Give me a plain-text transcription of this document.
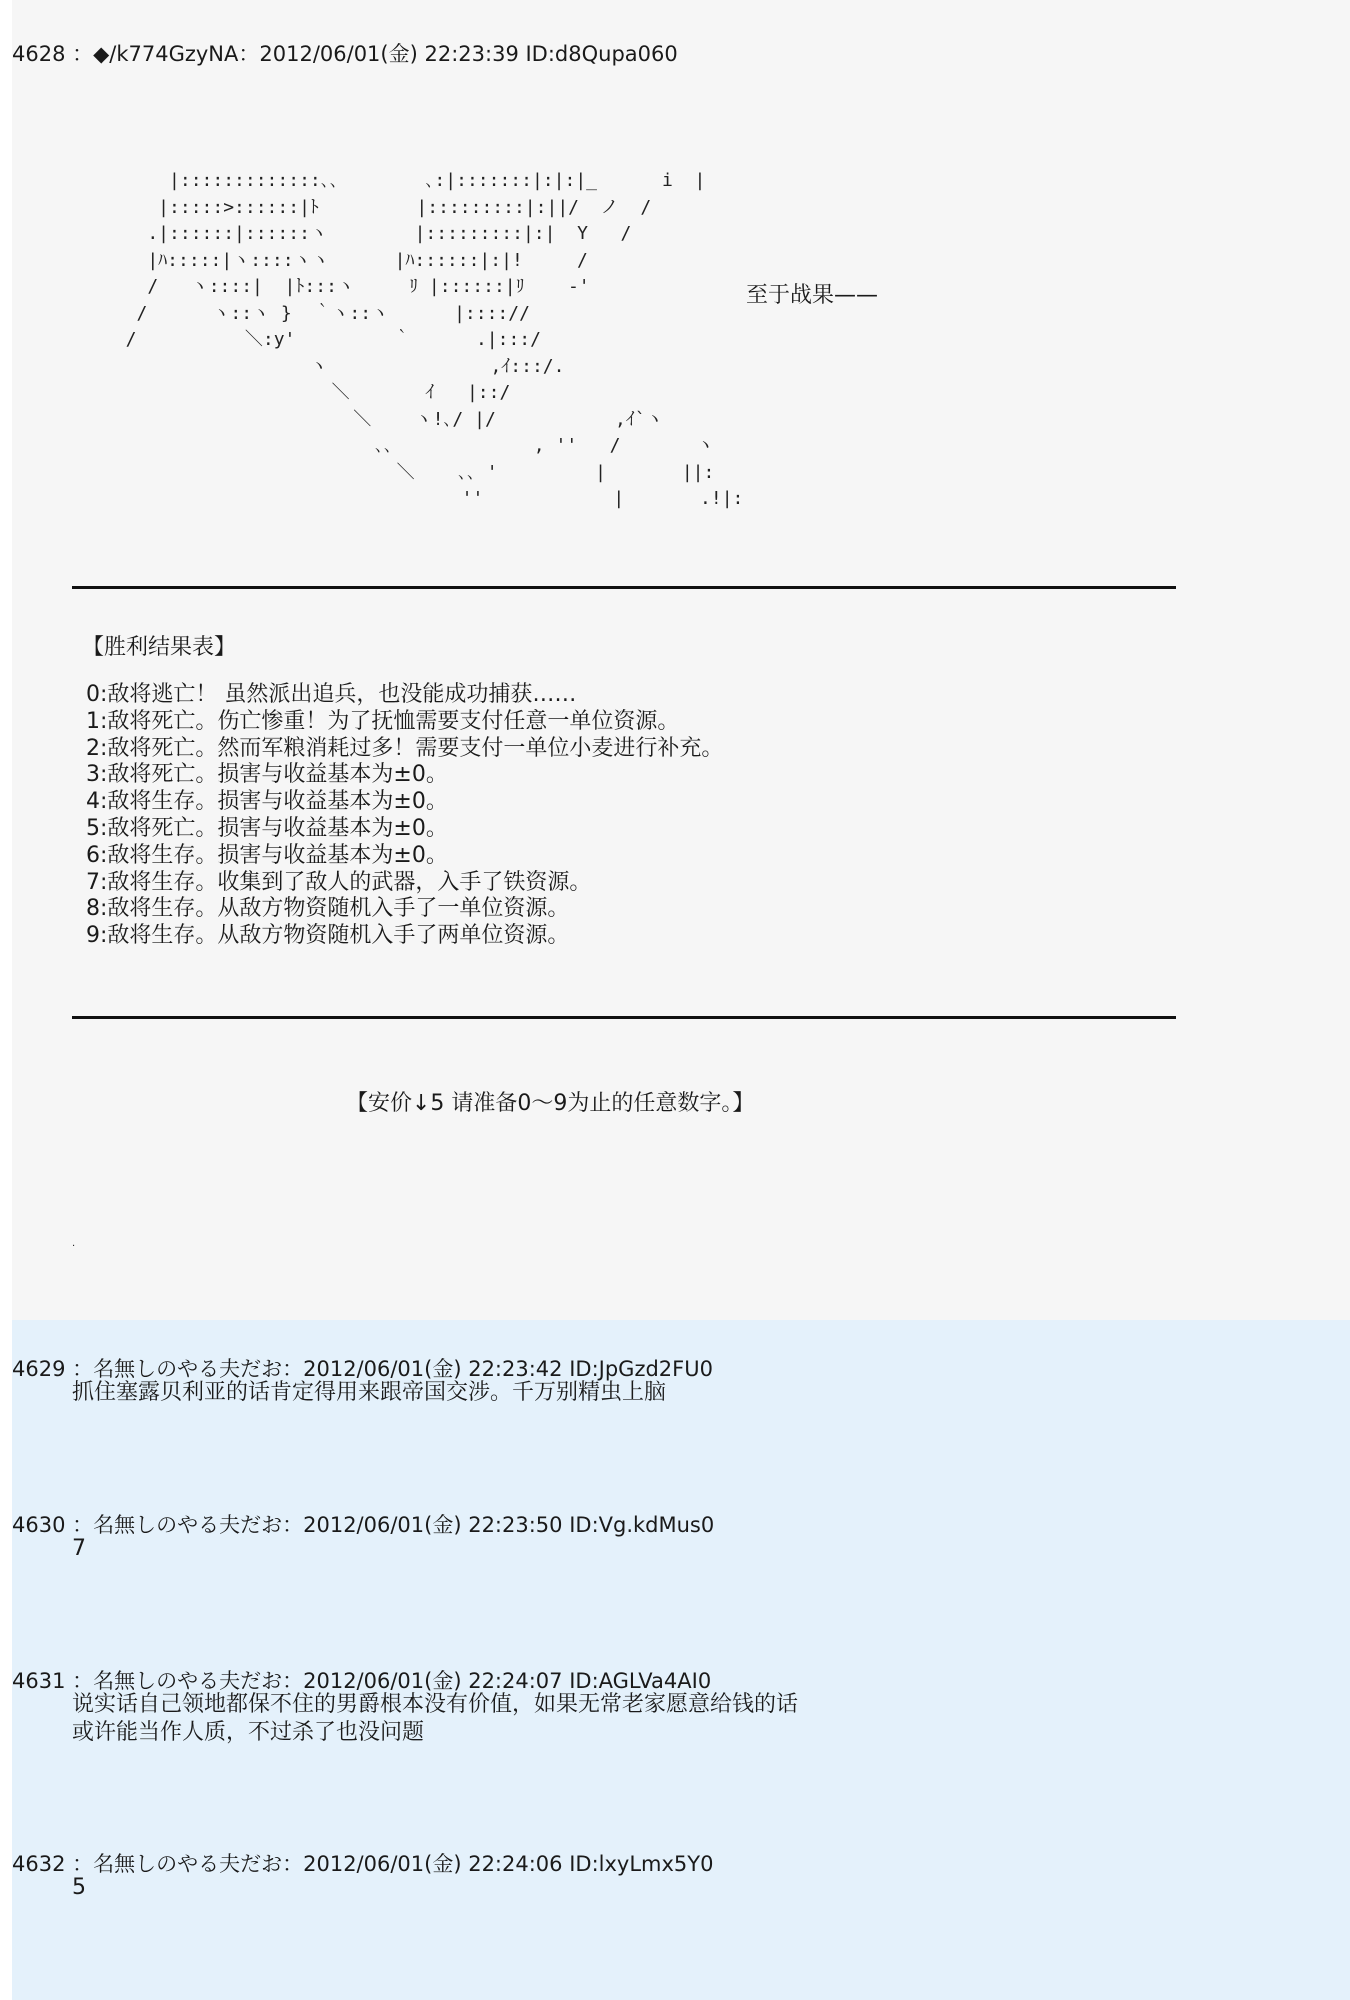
4628 ：◆/k774GzyNA：2012/06/01(金) 22:23:39 ID:d8Qupa060
|:::::::::::::､､        ､:|:::::::|:|:|_      i  |
|:::::>::::::|ﾄ         |:::::::::|:||/  ノ  /
.|::::::|::::::ヽ        |:::::::::|:|  Y   /
|ﾊ:::::|ヽ::::ヽヽ      |ﾊ::::::|:|!     /
/   ヽ::::|  |ﾄ:::ヽ     ﾘ |::::::|ﾘ    ‐'
/      ヽ::ヽ }  ｀ヽ::ヽ      |:::://
/          ＼:y'         ｀      .|:::/
ヽ               ,ｲ:::/.
＼       ｲ   |::/
＼    ヽ!､/ |/           ,ｲ`ヽ
､､             , ''   /       ヽ
＼    ､､ '         |       ||:
''            |       .!|:
至于战果——
【胜利结果表】
0:敌将逃亡！ 虽然派出追兵，也没能成功捕获……
1:敌将死亡。伤亡惨重！为了抚恤需要支付任意一单位资源。
2:敌将死亡。然而军粮消耗过多！需要支付一单位小麦进行补充。
3:敌将死亡。损害与收益基本为±0。
4:敌将生存。损害与收益基本为±0。
5:敌将死亡。损害与收益基本为±0。
6:敌将生存。损害与收益基本为±0。
7:敌将生存。收集到了敌人的武器，入手了铁资源。
8:敌将生存。从敌方物资随机入手了一单位资源。
9:敌将生存。从敌方物资随机入手了两单位资源。
【安价↓5 请准备0～9为止的任意数字。】
.
4629 ：名無しのやる夫だお：2012/06/01(金) 22:23:42 ID:JpGzd2FU0
抓住塞露贝利亚的话肯定得用来跟帝国交涉。千万别精虫上脑
4630 ：名無しのやる夫だお：2012/06/01(金) 22:23:50 ID:Vg.kdMus0
7
4631 ：名無しのやる夫だお：2012/06/01(金) 22:24:07 ID:AGLVa4AI0
说实话自己领地都保不住的男爵根本没有价值，如果无常老家愿意给钱的话
或许能当作人质，不过杀了也没问题
4632 ：名無しのやる夫だお：2012/06/01(金) 22:24:06 ID:lxyLmx5Y0
5
